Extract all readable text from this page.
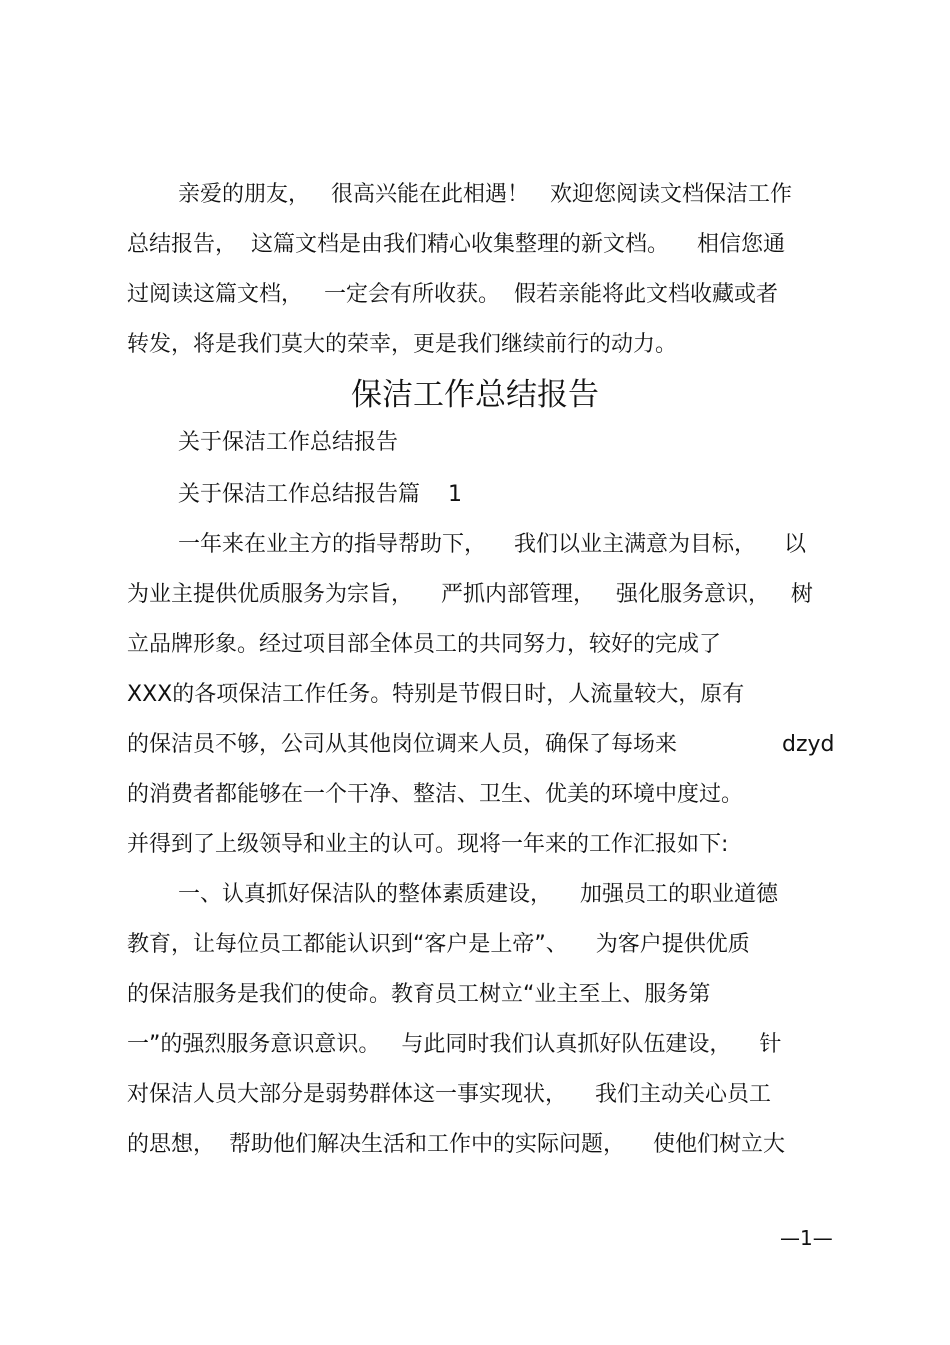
亲爱的朋友，   很高兴能在此相遇！   欢迎您阅读文档保洁工作
总结报告，  这篇文档是由我们精心收集整理的新文档。    相信您通
过阅读这篇文档，   一定会有所收获。  假若亲能将此文档收藏或者
转发，将是我们莫大的荣幸，更是我们继续前行的动力。
保洁工作总结报告
关于保洁工作总结报告
关于保洁工作总结报告篇    1
一年来在业主方的指导帮助下，    我们以业主满意为目标，    以
为业主提供优质服务为宗旨，    严抓内部管理，   强化服务意识，   树
立品牌形象。经过项目部全体员工的共同努力，较好的完成了
XXX的各项保洁工作任务。特别是节假日时，人流量较大，原有
的保洁员不够，公司从其他岗位调来人员，确保了每场来	dzyd
的消费者都能够在一个干净、整洁、卫生、优美的环境中度过。
并得到了上级领导和业主的认可。现将一年来的工作汇报如下:
一、认真抓好保洁队的整体素质建设，    加强员工的职业道德
教育，让每位员工都能认识到“客户是上帝”、    为客户提供优质
的保洁服务是我们的使命。教育员工树立“业主至上、服务第
一”的强烈服务意识意识。   与此同时我们认真抓好队伍建设，    针
对保洁人员大部分是弱势群体这一事实现状，    我们主动关心员工
的思想，  帮助他们解决生活和工作中的实际问题，    使他们树立大
—1—
